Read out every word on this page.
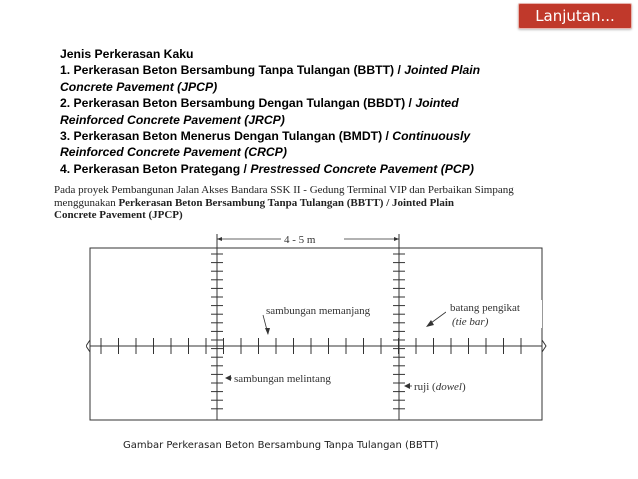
Lanjutan...
Jenis Perkerasan Kaku
1. Perkerasan Beton Bersambung Tanpa Tulangan (BBTT) / Jointed Plain
Concrete Pavement (JPCP)
2. Perkerasan Beton Bersambung Dengan Tulangan (BBDT) / Jointed
Reinforced Concrete Pavement (JRCP)
3. Perkerasan Beton Menerus Dengan Tulangan (BMDT) / Continuously
Reinforced Concrete Pavement (CRCP)
4. Perkerasan Beton Prategang / Prestressed Concrete Pavement (PCP)
Pada proyek Pembangunan Jalan Akses Bandara SSK II - Gedung Terminal VIP dan Perbaikan Simpang
menggunakan Perkerasan Beton Bersambung Tanpa Tulangan (BBTT) / Jointed Plain
Concrete Pavement (JPCP)
4 - 5 m
sambungan memanjang	batang pengikat
(tie bar)
sambungan melintang
ruji (dowel)
Gambar Perkerasan Beton Bersambung Tanpa Tulangan (BBTT)
